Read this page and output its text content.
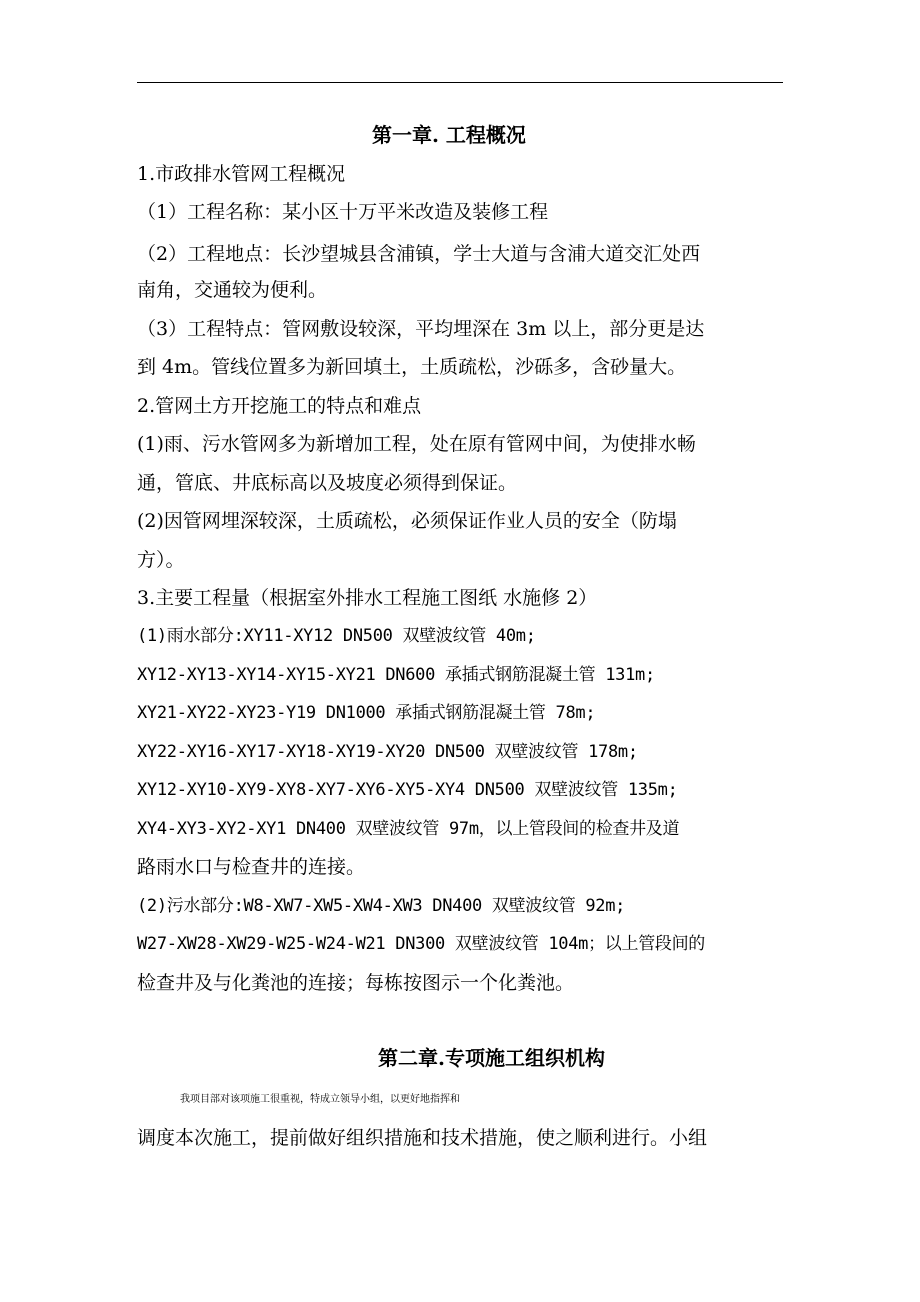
第一章. 工程概况
1.市政排水管网工程概况
（1）工程名称：某小区十万平米改造及装修工程
（2）工程地点：长沙望城县含浦镇，学士大道与含浦大道交汇处西
南角，交通较为便利。
（3）工程特点：管网敷设较深，平均埋深在 3m 以上，部分更是达
到 4m。管线位置多为新回填土，土质疏松，沙砾多，含砂量大。
2.管网土方开挖施工的特点和难点
(1)雨、污水管网多为新增加工程，处在原有管网中间，为使排水畅
通，管底、井底标高以及坡度必须得到保证。
(2)因管网埋深较深，土质疏松，必须保证作业人员的安全（防塌
方）。
3.主要工程量（根据室外排水工程施工图纸 水施修 2）
(1)雨水部分:XY11-XY12 DN500 双壁波纹管 40m;
XY12-XY13-XY14-XY15-XY21 DN600 承插式钢筋混凝土管 131m;
XY21-XY22-XY23-Y19 DN1000 承插式钢筋混凝土管 78m;
XY22-XY16-XY17-XY18-XY19-XY20 DN500 双壁波纹管 178m;
XY12-XY10-XY9-XY8-XY7-XY6-XY5-XY4 DN500 双壁波纹管 135m;
XY4-XY3-XY2-XY1 DN400 双壁波纹管 97m，以上管段间的检查井及道
路雨水口与检查井的连接。
(2)污水部分:W8-XW7-XW5-XW4-XW3 DN400 双壁波纹管 92m;
W27-XW28-XW29-W25-W24-W21 DN300 双壁波纹管 104m；以上管段间的
检查井及与化粪池的连接；每栋按图示一个化粪池。
第二章.专项施工组织机构
我项目部对该项施工很重视，特成立领导小组，以更好地指挥和
调度本次施工，提前做好组织措施和技术措施，使之顺利进行。小组
